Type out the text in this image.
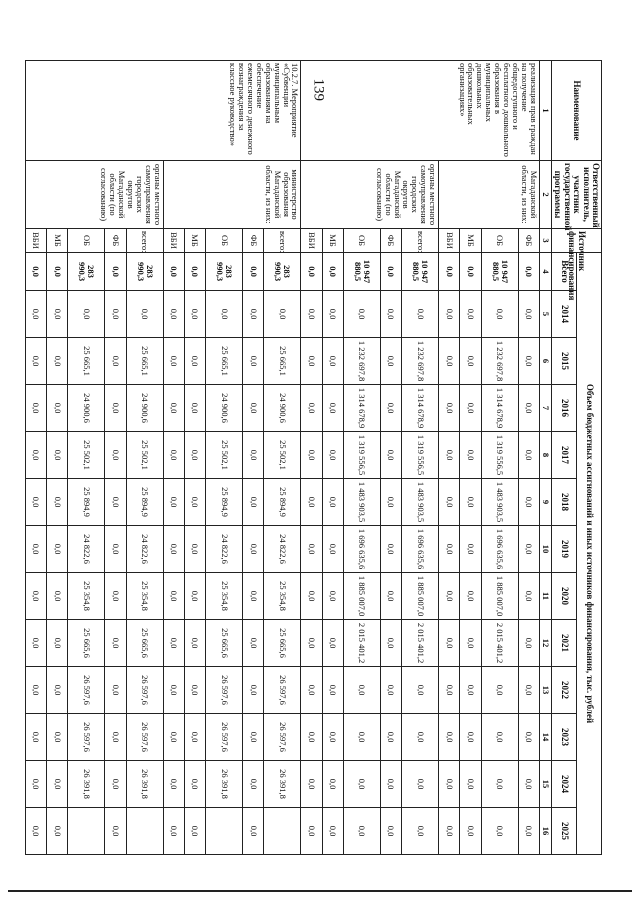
139	Наименование	Ответственный исполнитель, участник государственной программы	Источник финансирования	Объем бюджетных ассигнований и иных источников финансирования, тыс. рублей												
			Всего	2014	2015	2016	2017	2018	2019	2020	2021	2022	2023	2024	2025
1	2	3	4	5	6	7	8	9	10	11	12	13	14	15	16
реализация прав граждан на получение общедоступного и бесплатного дошкольного образования в муниципальных дошкольных образовательных организациях»	Магаданской области, из них:	ФБ	0,0	0,0	0,0	0,0	0,0	0,0	0,0	0,0	0,0	0,0	0,0	0,0	0,0
		ОБ	10 947 880,5	0,0	1 232 697,8	1 314 678,9	1 319 556,5	1 483 903,5	1 696 635,6	1 885 007,0	2 015 401,2	0,0	0,0	0,0	0,0
		МБ	0,0	0,0	0,0	0,0	0,0	0,0	0,0	0,0	0,0	0,0	0,0	0,0	0,0
		ВБИ	0,0	0,0	0,0	0,0	0,0	0,0	0,0	0,0	0,0	0,0	0,0	0,0	0,0
	органы местного самоуправления городских округов Магаданской области (по согласованию)	всего:	10 947 880,5	0,0	1 232 697,8	1 314 678,9	1 319 556,5	1 483 903,5	1 696 635,6	1 885 007,0	2 015 401,2	0,0	0,0	0,0	0,0
		ФБ	0,0	0,0	0,0	0,0	0,0	0,0	0,0	0,0	0,0	0,0	0,0	0,0	0,0
		ОБ	10 947 880,5	0,0	1 232 697,8	1 314 678,9	1 319 556,5	1 483 903,5	1 696 635,6	1 885 007,0	2 015 401,2	0,0	0,0	0,0	0,0
		МБ	0,0	0,0	0,0	0,0	0,0	0,0	0,0	0,0	0,0	0,0	0,0	0,0	0,0
		ВБИ	0,0	0,0	0,0	0,0	0,0	0,0	0,0	0,0	0,0	0,0	0,0	0,0	0,0
10.2.7. Мероприятие «Субвенции муниципальным образованиям на обеспечение ежемесячного денежного вознаграждения за классное руководство»	министерство образования Магаданской области, из них:	всего:	283 990,3	0,0	25 665,1	24 900,6	25 502,1	25 894,9	24 822,6	25 354,8	25 665,6	26 597,6	26 597,6	26 391,8	
		ФБ	0,0	0,0	0,0	0,0	0,0	0,0	0,0	0,0	0,0	0,0	0,0	0,0	0,0
		ОБ	283 990,3	0,0	25 665,1	24 900,6	25 502,1	25 894,9	24 822,6	25 354,8	25 665,6	26 597,6	26 597,6	26 391,8	
		МБ	0,0	0,0	0,0	0,0	0,0	0,0	0,0	0,0	0,0	0,0	0,0	0,0	0,0
		ВБИ	0,0	0,0	0,0	0,0	0,0	0,0	0,0	0,0	0,0	0,0	0,0	0,0	0,0
	органы местного самоуправления городских округов Магаданской области (по согласованию)	всего:	283 990,3	0,0	25 665,1	24 900,6	25 502,1	25 894,9	24 822,6	25 354,8	25 665,6	26 597,6	26 597,6	26 391,8	
		ФБ	0,0	0,0	0,0	0,0	0,0	0,0	0,0	0,0	0,0	0,0	0,0	0,0	0,0
		ОБ	283 990,3	0,0	25 665,1	24 900,6	25 502,1	25 894,9	24 822,6	25 354,8	25 665,6	26 597,6	26 597,6	26 391,8	
		МБ	0,0	0,0	0,0	0,0	0,0	0,0	0,0	0,0	0,0	0,0	0,0	0,0	0,0
		ВБИ	0,0	0,0	0,0	0,0	0,0	0,0	0,0	0,0	0,0	0,0	0,0	0,0	0,0
